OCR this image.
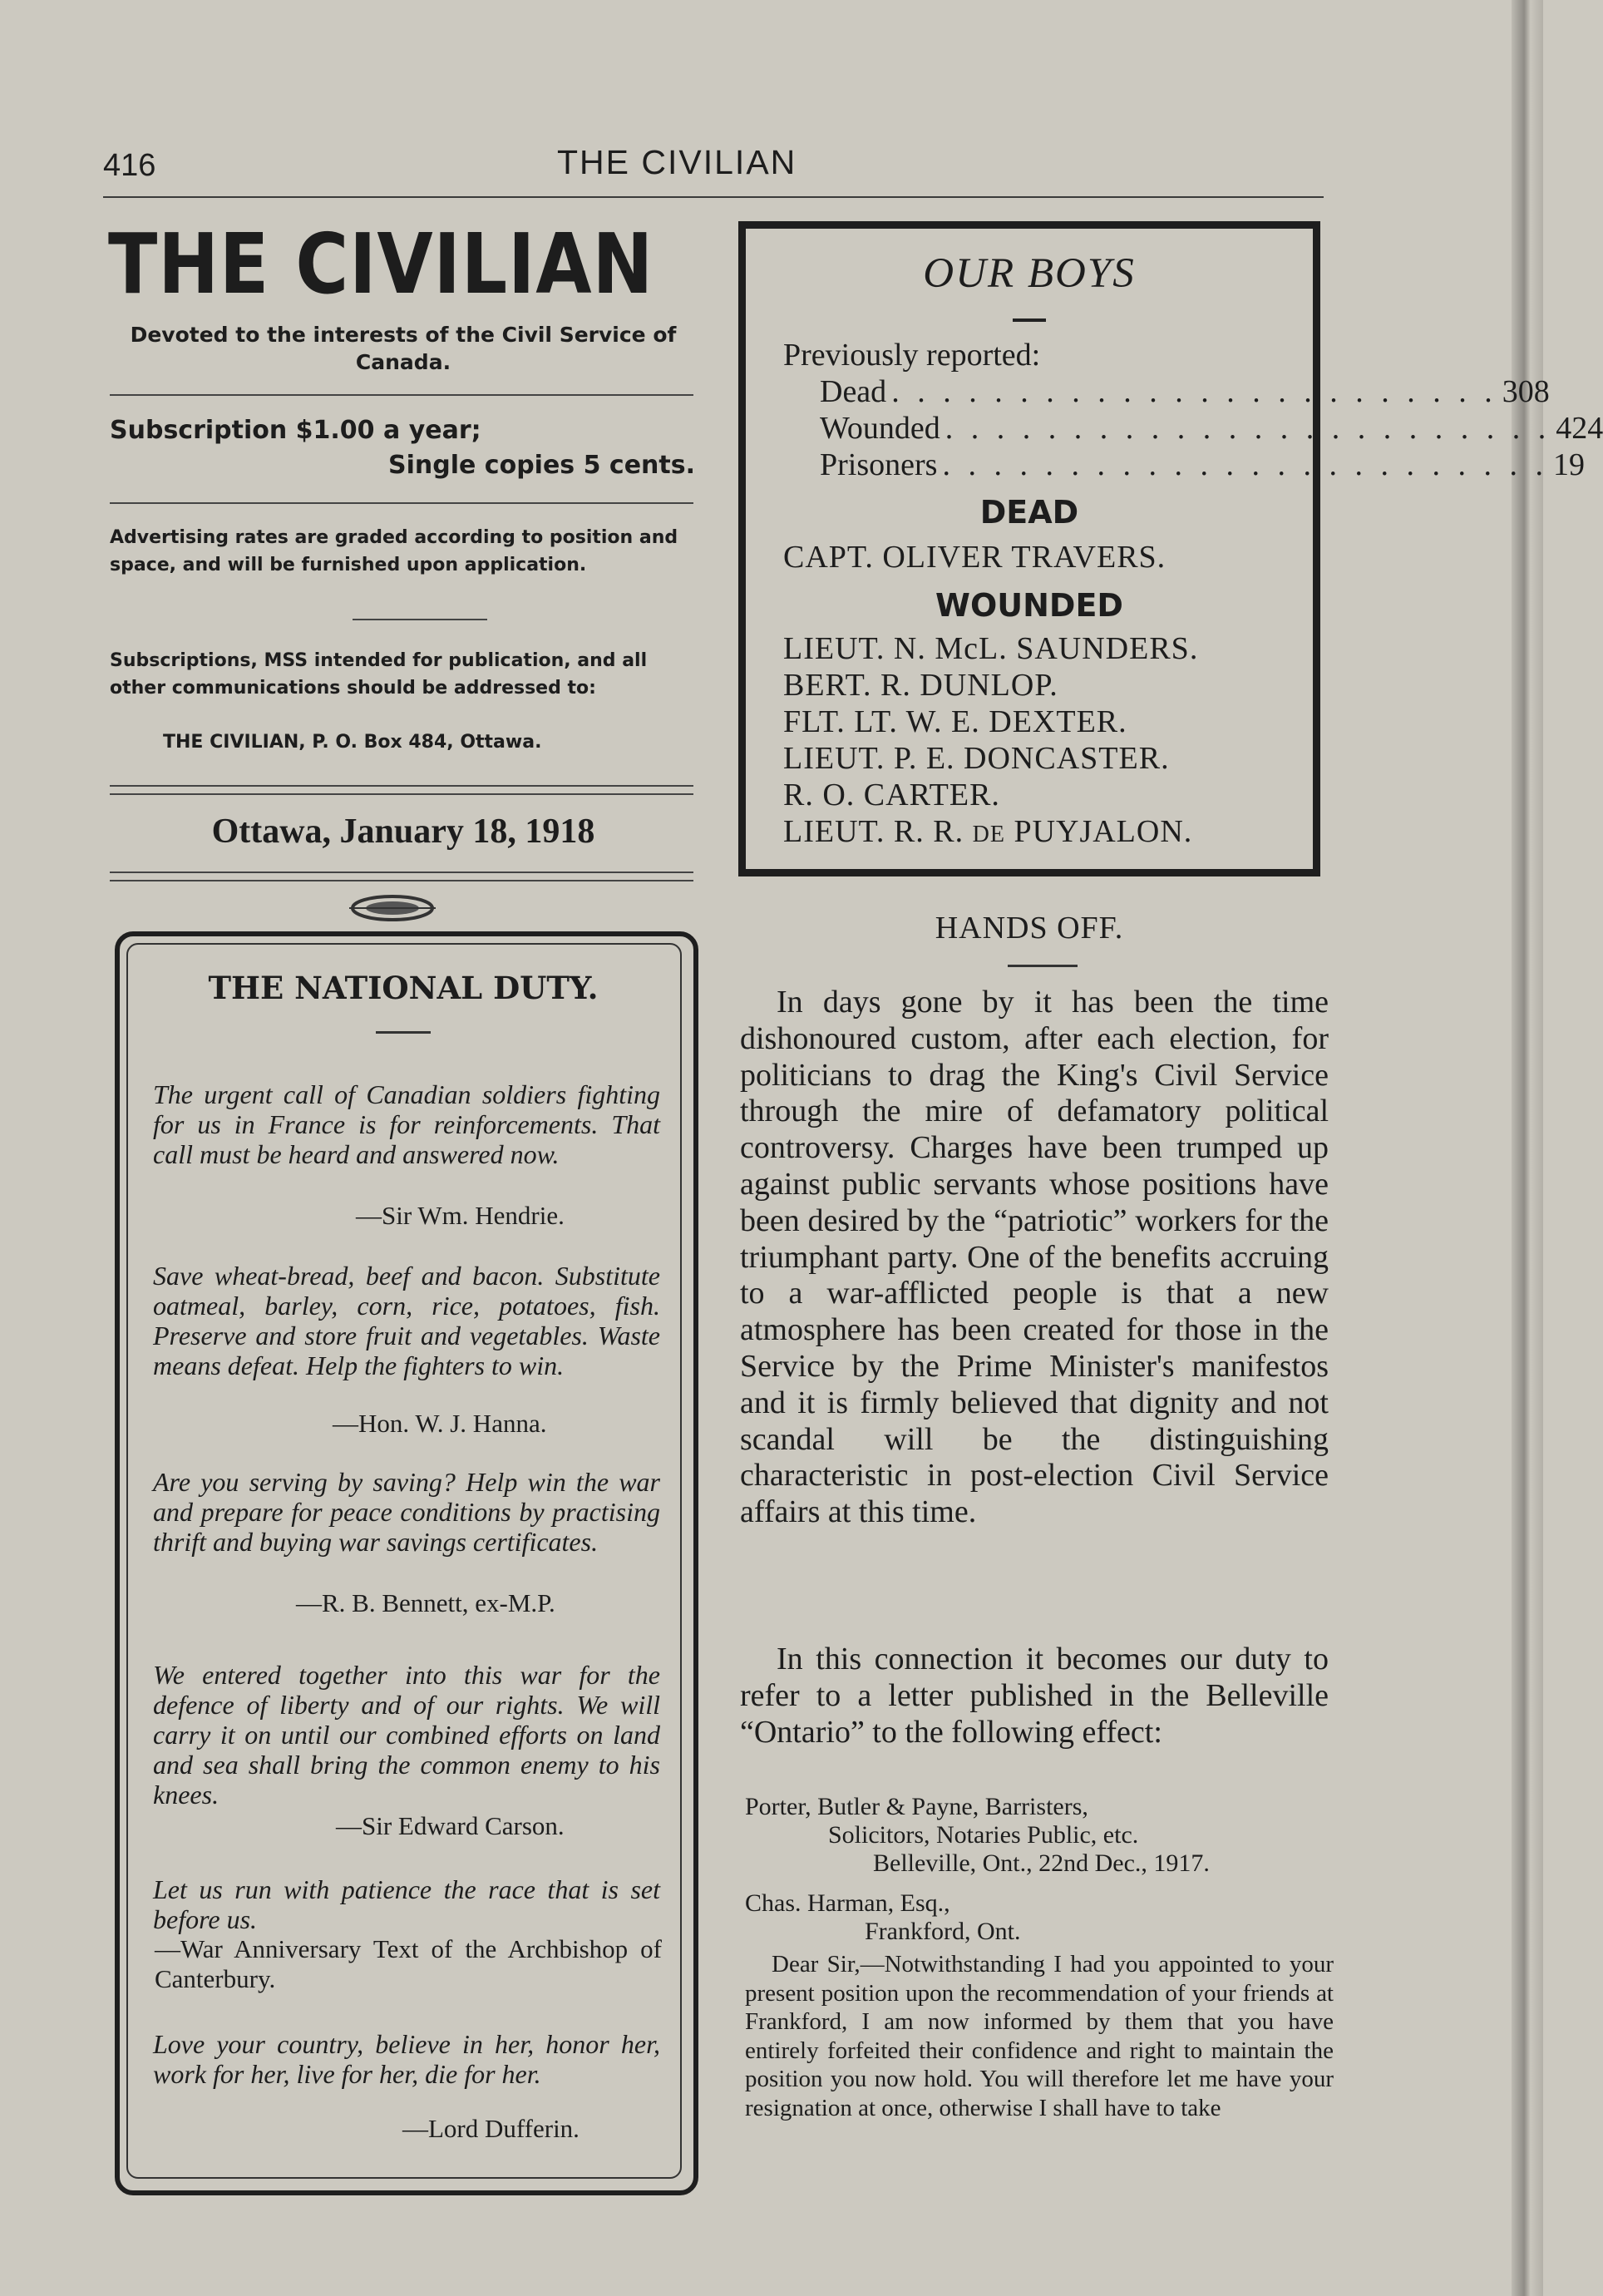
416	THE CIVILIAN
THE CIVILIAN
Devoted to the interests of the Civil Service of Canada.
Subscription $1.00 a year;
Single copies 5 cents.
Advertising rates are graded according to position and space, and will be furnished upon application.
Subscriptions, MSS intended for publication, and all other communications should be addressed to:
THE CIVILIAN, P. O. Box 484, Ottawa.
Ottawa, January 18, 1918
THE NATIONAL DUTY.
The urgent call of Canadian soldiers fighting for us in France is for reinforcements. That call must be heard and answered now.
—Sir Wm. Hendrie.
Save wheat-bread, beef and bacon. Substitute oatmeal, barley, corn, rice, potatoes, fish. Preserve and store fruit and vegetables. Waste means defeat. Help the fighters to win.
—Hon. W. J. Hanna.
Are you serving by saving? Help win the war and prepare for peace conditions by practising thrift and buying war savings certificates.
—R. B. Bennett, ex-M.P.
We entered together into this war for the defence of liberty and of our rights. We will carry it on until our combined efforts on land and sea shall bring the common enemy to his knees.
—Sir Edward Carson.
Let us run with patience the race that is set before us.
—War Anniversary Text of the Archbishop of Canterbury.
Love your country, believe in her, honor her, work for her, live for her, die for her.
—Lord Dufferin.
OUR BOYS
Previously reported:
Dead . . . . . . . . . . . . . . . . . . . . . . . . 308
Wounded . . . . . . . . . . . . . . . . . . . . . . . . 424
Prisoners . . . . . . . . . . . . . . . . . . . . . . . . 19
DEAD
CAPT. OLIVER TRAVERS.
WOUNDED
LIEUT. N. McL. SAUNDERS.
BERT. R. DUNLOP.
FLT. LT. W. E. DEXTER.
LIEUT. P. E. DONCASTER.
R. O. CARTER.
LIEUT. R. R. DE PUYJALON.
HANDS OFF.
In days gone by it has been the time dishonoured custom, after each election, for politicians to drag the King's Civil Service through the mire of defamatory political controversy. Charges have been trumped up against public servants whose positions have been desired by the “patriotic” workers for the triumphant party. One of the benefits accruing to a war-afflicted people is that a new atmosphere has been created for those in the Service by the Prime Minister's manifestos and it is firmly believed that dignity and not scandal will be the distinguishing characteristic in post-election Civil Service affairs at this time.
In this connection it becomes our duty to refer to a letter published in the Belleville “Ontario” to the following effect:
Porter, Butler & Payne, Barristers,
Solicitors, Notaries Public, etc.
Belleville, Ont., 22nd Dec., 1917.
Chas. Harman, Esq.,
Frankford, Ont.
Dear Sir,—Notwithstanding I had you appointed to your present position upon the recommendation of your friends at Frankford, I am now informed by them that you have entirely forfeited their confidence and right to maintain the position you now hold. You will therefore let me have your resignation at once, otherwise I shall have to take
